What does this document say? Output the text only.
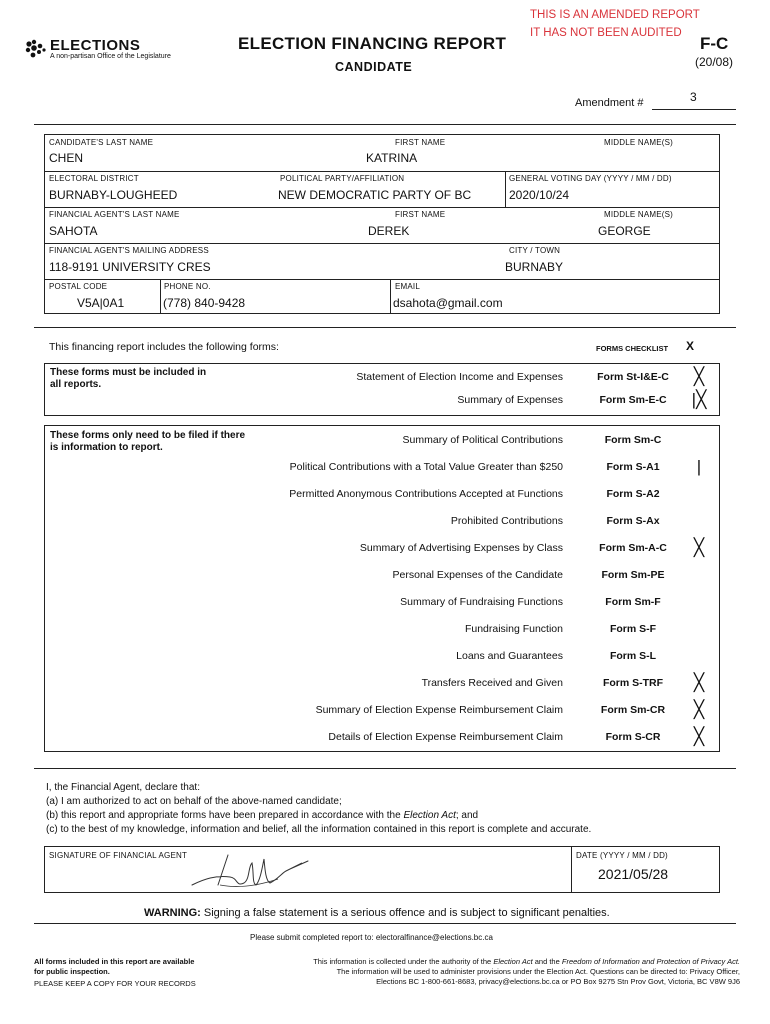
THIS IS AN AMENDED REPORT
IT HAS NOT BEEN AUDITED
ELECTIONS
A non-partisan Office of the Legislature
ELECTION FINANCING REPORT
CANDIDATE
F-C
(20/08)
Amendment #	3
CANDIDATE'S LAST NAME
CHEN
FIRST NAME
KATRINA
MIDDLE NAME(S)
ELECTORAL DISTRICT
BURNABY-LOUGHEED
POLITICAL PARTY/AFFILIATION
NEW DEMOCRATIC PARTY OF BC
GENERAL VOTING DAY (YYYY / MM / DD)
2020/10/24
FINANCIAL AGENT'S LAST NAME
SAHOTA
FIRST NAME
DEREK
MIDDLE NAME(S)
GEORGE
FINANCIAL AGENT'S MAILING ADDRESS
118-9191 UNIVERSITY CRES
CITY / TOWN
BURNABY
POSTAL CODE
V5A|0A1
PHONE NO.
(778) 840-9428
EMAIL
dsahota@gmail.com
This financing report includes the following forms:	FORMS CHECKLIST X
These forms must be included in all reports.
Statement of Election Income and Expenses	Form St-I&E-C	╳
Summary of Expenses	Form Sm-E-C	|╳
These forms only need to be filed if there is information to report.
Summary of Political Contributions	Form Sm-C
Political Contributions with a Total Value Greater than $250	Form S-A1	|
Permitted Anonymous Contributions Accepted at Functions	Form S-A2
Prohibited Contributions	Form S-Ax
Summary of Advertising Expenses by Class	Form Sm-A-C	╳
Personal Expenses of the Candidate	Form Sm-PE
Summary of Fundraising Functions	Form Sm-F
Fundraising Function	Form S-F
Loans and Guarantees	Form S-L
Transfers Received and Given	Form S-TRF	╳
Summary of Election Expense Reimbursement Claim	Form Sm-CR	╳
Details of Election Expense Reimbursement Claim	Form S-CR	╳
I, the Financial Agent, declare that:
(a) I am authorized to act on behalf of the above-named candidate;
(b) this report and appropriate forms have been prepared in accordance with the Election Act; and
(c) to the best of my knowledge, information and belief, all the information contained in this report is complete and accurate.
SIGNATURE OF FINANCIAL AGENT	DATE (YYYY / MM / DD)
2021/05/28
WARNING: Signing a false statement is a serious offence and is subject to significant penalties.
Please submit completed report to: electoralfinance@elections.bc.ca
All forms included in this report are available
for public inspection.
PLEASE KEEP A COPY FOR YOUR RECORDS
This information is collected under the authority of the Election Act and the Freedom of Information and Protection of Privacy Act.
The information will be used to administer provisions under the Election Act. Questions can be directed to: Privacy Officer,
Elections BC 1-800-661-8683, privacy@elections.bc.ca or PO Box 9275 Stn Prov Govt, Victoria, BC V8W 9J6
